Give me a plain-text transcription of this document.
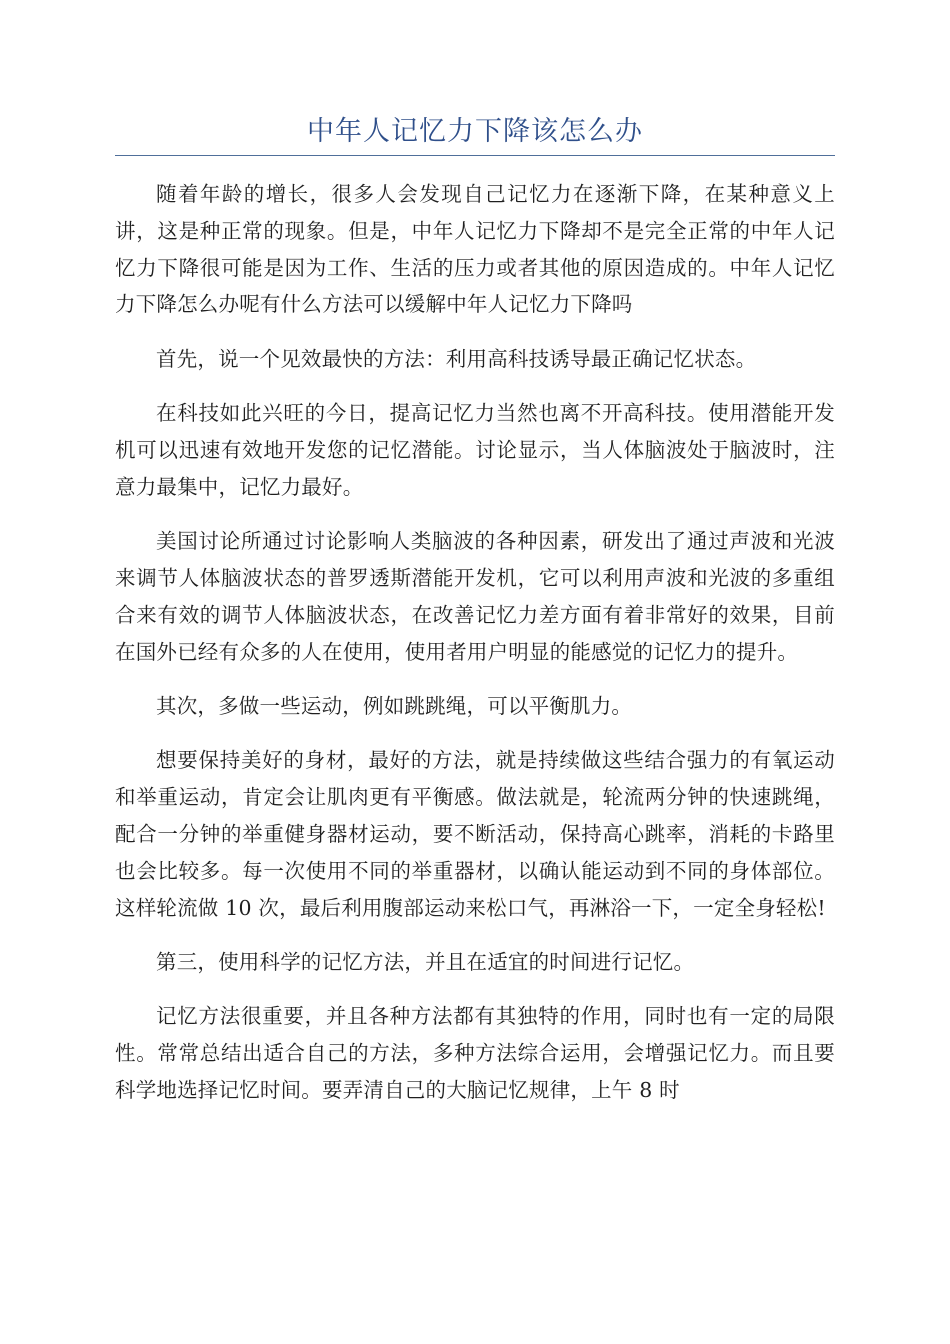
中年人记忆力下降该怎么办

随着年龄的增长，很多人会发现自己记忆力在逐渐下降，在某种意义上讲，这是种正常的现象。但是，中年人记忆力下降却不是完全正常的中年人记忆力下降很可能是因为工作、生活的压力或者其他的原因造成的。中年人记忆力下降怎么办呢有什么方法可以缓解中年人记忆力下降吗

首先，说一个见效最快的方法：利用高科技诱导最正确记忆状态。

在科技如此兴旺的今日，提高记忆力当然也离不开高科技。使用潜能开发机可以迅速有效地开发您的记忆潜能。讨论显示，当人体脑波处于脑波时，注意力最集中，记忆力最好。

美国讨论所通过讨论影响人类脑波的各种因素，研发出了通过声波和光波来调节人体脑波状态的普罗透斯潜能开发机，它可以利用声波和光波的多重组合来有效的调节人体脑波状态，在改善记忆力差方面有着非常好的效果，目前在国外已经有众多的人在使用，使用者用户明显的能感觉的记忆力的提升。

其次，多做一些运动，例如跳跳绳，可以平衡肌力。

想要保持美好的身材，最好的方法，就是持续做这些结合强力的有氧运动和举重运动，肯定会让肌肉更有平衡感。做法就是，轮流两分钟的快速跳绳，配合一分钟的举重健身器材运动，要不断活动，保持高心跳率，消耗的卡路里也会比较多。每一次使用不同的举重器材，以确认能运动到不同的身体部位。这样轮流做 10 次，最后利用腹部运动来松口气，再淋浴一下，一定全身轻松!

第三，使用科学的记忆方法，并且在适宜的时间进行记忆。

记忆方法很重要，并且各种方法都有其独特的作用，同时也有一定的局限性。常常总结出适合自己的方法，多种方法综合运用，会增强记忆力。而且要科学地选择记忆时间。要弄清自己的大脑记忆规律，上午 8 时
